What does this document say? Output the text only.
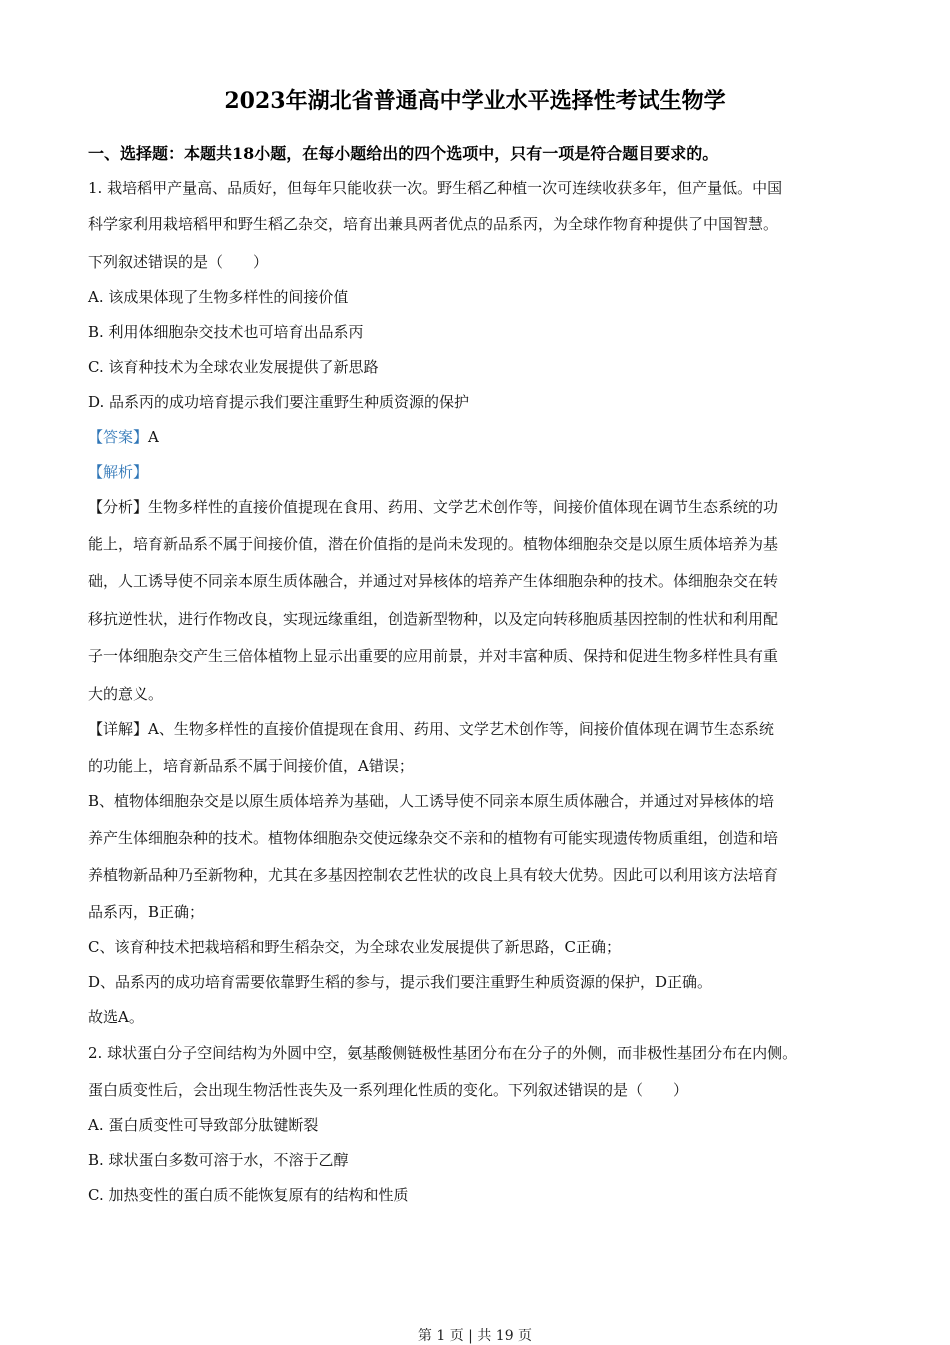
2023年湖北省普通高中学业水平选择性考试生物学
一、选择题：本题共18小题，在每小题给出的四个选项中，只有一项是符合题目要求的。
1. 栽培稻甲产量高、品质好，但每年只能收获一次。野生稻乙种植一次可连续收获多年，但产量低。中国
科学家利用栽培稻甲和野生稻乙杂交，培育出兼具两者优点的品系丙，为全球作物育种提供了中国智慧。
下列叙述错误的是（　　）
A. 该成果体现了生物多样性的间接价值
B. 利用体细胞杂交技术也可培育出品系丙
C. 该育种技术为全球农业发展提供了新思路
D. 品系丙的成功培育提示我们要注重野生种质资源的保护
【答案】A
【解析】
【分析】生物多样性的直接价值提现在食用、药用、文学艺术创作等，间接价值体现在调节生态系统的功
能上，培育新品系不属于间接价值，潜在价值指的是尚未发现的。植物体细胞杂交是以原生质体培养为基
础，人工诱导使不同亲本原生质体融合，并通过对异核体的培养产生体细胞杂种的技术。体细胞杂交在转
移抗逆性状，进行作物改良，实现远缘重组，创造新型物种，以及定向转移胞质基因控制的性状和利用配
子一体细胞杂交产生三倍体植物上显示出重要的应用前景，并对丰富种质、保持和促进生物多样性具有重
大的意义。
【详解】A、生物多样性的直接价值提现在食用、药用、文学艺术创作等，间接价值体现在调节生态系统
的功能上，培育新品系不属于间接价值，A错误；
B、植物体细胞杂交是以原生质体培养为基础，人工诱导使不同亲本原生质体融合，并通过对异核体的培
养产生体细胞杂种的技术。植物体细胞杂交使远缘杂交不亲和的植物有可能实现遗传物质重组，创造和培
养植物新品种乃至新物种，尤其在多基因控制农艺性状的改良上具有较大优势。因此可以利用该方法培育
品系丙，B正确；
C、该育种技术把栽培稻和野生稻杂交，为全球农业发展提供了新思路，C正确；
D、品系丙的成功培育需要依靠野生稻的参与，提示我们要注重野生种质资源的保护，D正确。
故选A。
2. 球状蛋白分子空间结构为外圆中空，氨基酸侧链极性基团分布在分子的外侧，而非极性基团分布在内侧。
蛋白质变性后，会出现生物活性丧失及一系列理化性质的变化。下列叙述错误的是（　　）
A. 蛋白质变性可导致部分肽键断裂
B. 球状蛋白多数可溶于水，不溶于乙醇
C. 加热变性的蛋白质不能恢复原有的结构和性质
第 1 页 | 共 19 页
